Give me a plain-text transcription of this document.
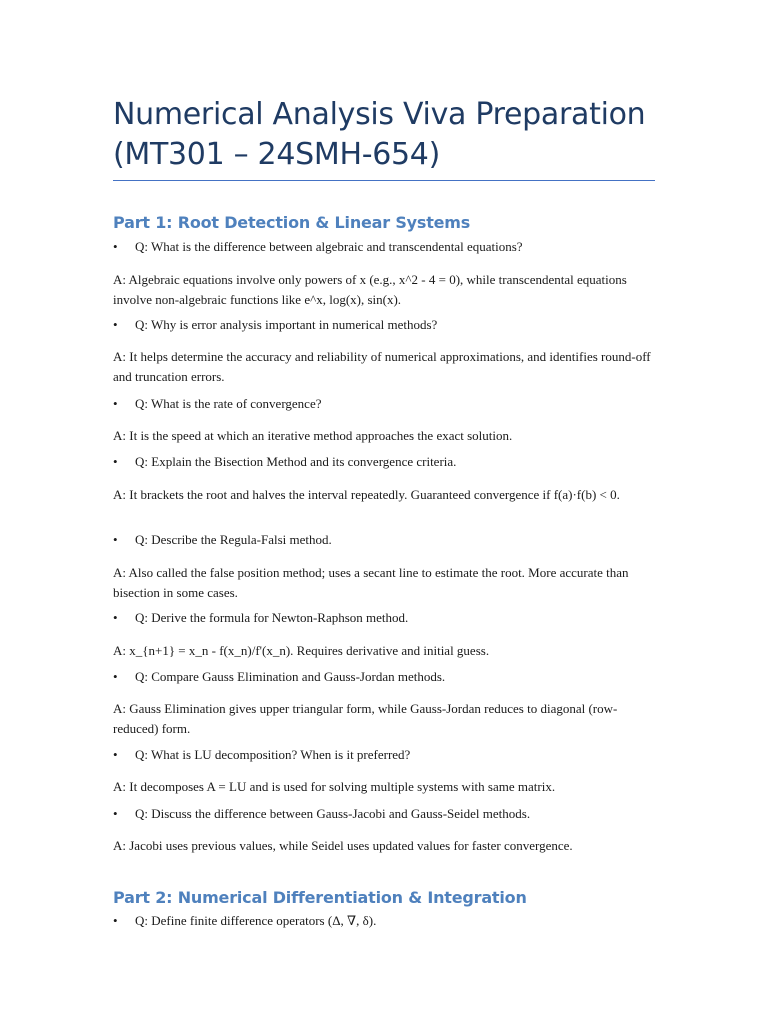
Numerical Analysis Viva Preparation
(MT301 – 24SMH-654)
Part 1: Root Detection & Linear Systems
•	Q: What is the difference between algebraic and transcendental equations?
A: Algebraic equations involve only powers of x (e.g., x^2 - 4 = 0), while transcendental equations involve non-algebraic functions like e^x, log(x), sin(x).
•	Q: Why is error analysis important in numerical methods?
A: It helps determine the accuracy and reliability of numerical approximations, and identifies round-off and truncation errors.
•	Q: What is the rate of convergence?
A: It is the speed at which an iterative method approaches the exact solution.
•	Q: Explain the Bisection Method and its convergence criteria.
A: It brackets the root and halves the interval repeatedly. Guaranteed convergence if f(a)·f(b) < 0.
•	Q: Describe the Regula-Falsi method.
A: Also called the false position method; uses a secant line to estimate the root. More accurate than bisection in some cases.
•	Q: Derive the formula for Newton-Raphson method.
A: x_{n+1} = x_n - f(x_n)/f'(x_n). Requires derivative and initial guess.
•	Q: Compare Gauss Elimination and Gauss-Jordan methods.
A: Gauss Elimination gives upper triangular form, while Gauss-Jordan reduces to diagonal (row-reduced) form.
•	Q: What is LU decomposition? When is it preferred?
A: It decomposes A = LU and is used for solving multiple systems with same matrix.
•	Q: Discuss the difference between Gauss-Jacobi and Gauss-Seidel methods.
A: Jacobi uses previous values, while Seidel uses updated values for faster convergence.
Part 2: Numerical Differentiation & Integration
•	Q: Define finite difference operators (Δ, ∇, δ).
